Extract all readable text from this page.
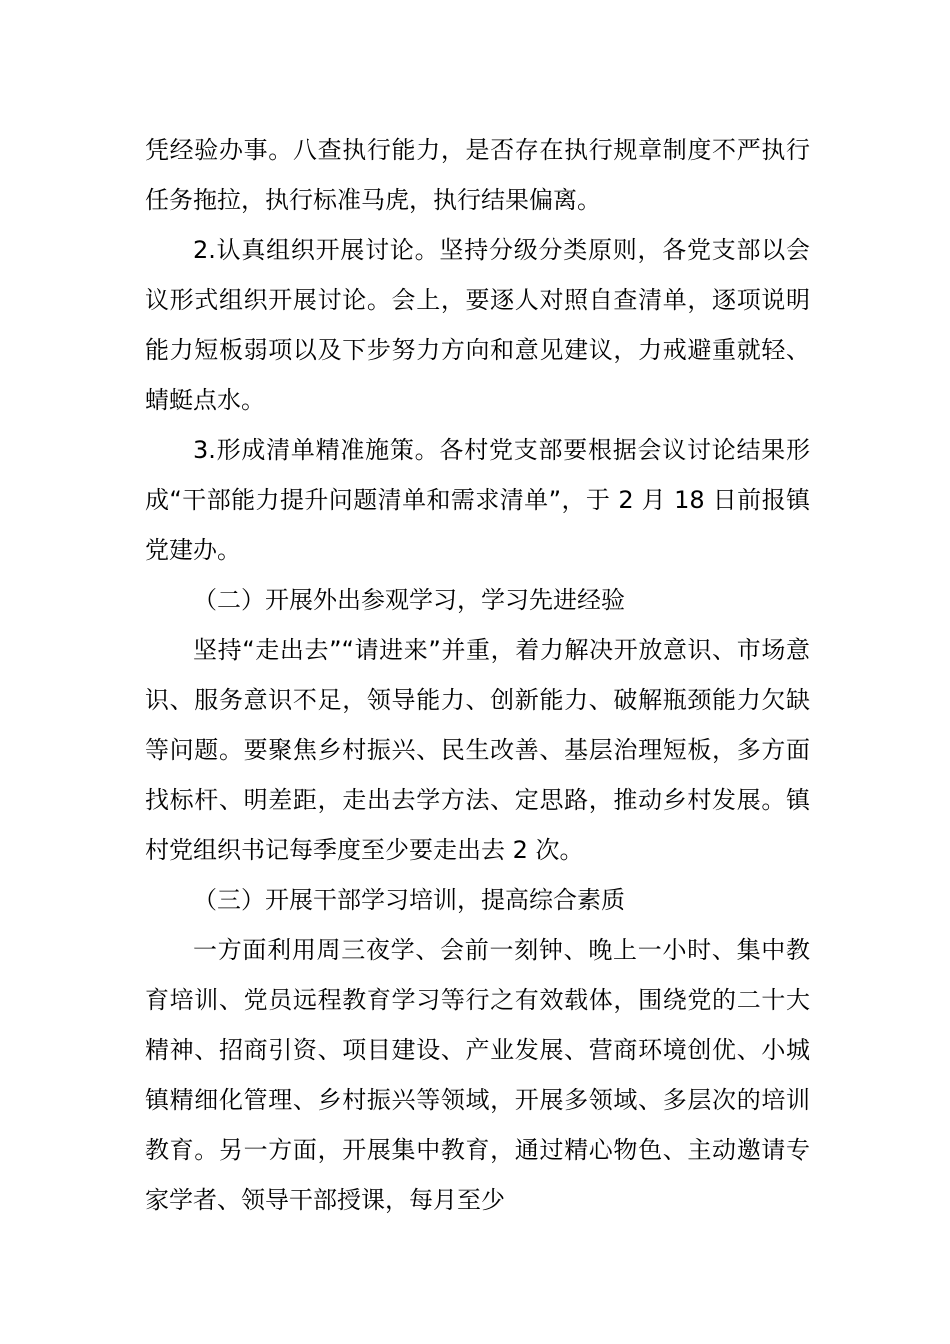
凭经验办事。八查执行能力，是否存在执行规章制度不严执行任务拖拉，执行标准马虎，执行结果偏离。

2.认真组织开展讨论。坚持分级分类原则，各党支部以会议形式组织开展讨论。会上，要逐人对照自查清单，逐项说明能力短板弱项以及下步努力方向和意见建议，力戒避重就轻、蜻蜓点水。

3.形成清单精准施策。各村党支部要根据会议讨论结果形成“干部能力提升问题清单和需求清单”，于 2 月 18 日前报镇党建办。

（二）开展外出参观学习，学习先进经验

坚持“走出去”“请进来”并重，着力解决开放意识、市场意识、服务意识不足，领导能力、创新能力、破解瓶颈能力欠缺等问题。要聚焦乡村振兴、民生改善、基层治理短板，多方面找标杆、明差距，走出去学方法、定思路，推动乡村发展。镇村党组织书记每季度至少要走出去 2 次。

（三）开展干部学习培训，提高综合素质

一方面利用周三夜学、会前一刻钟、晚上一小时、集中教育培训、党员远程教育学习等行之有效载体，围绕党的二十大精神、招商引资、项目建设、产业发展、营商环境创优、小城镇精细化管理、乡村振兴等领域，开展多领域、多层次的培训教育。另一方面，开展集中教育，通过精心物色、主动邀请专家学者、领导干部授课，每月至少
